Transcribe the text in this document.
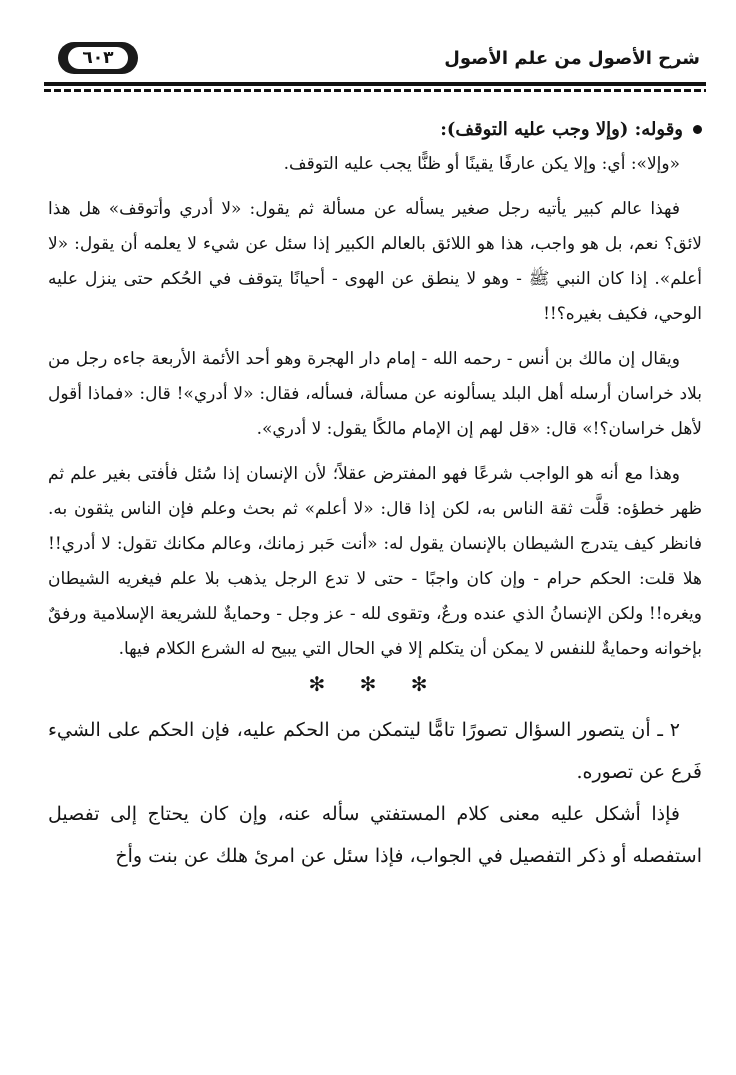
٦٠٣	شرح الأصول من علم الأصول
وقوله: (وإلا وجب عليه التوقف):

«وإلا»: أي: وإلا يكن عارفًا يقينًا أو ظنًّا يجب عليه التوقف.

فهذا عالم كبير يأتيه رجل صغير يسأله عن مسألة ثم يقول: «لا أدري وأتوقف» هل هذا لائق؟ نعم، بل هو واجب، هذا هو اللائق بالعالم الكبير إذا سئل عن شيء لا يعلمه أن يقول: «لا أعلم». إذا كان النبي ﷺ - وهو لا ينطق عن الهوى - أحيانًا يتوقف في الحُكم حتى ينزل عليه الوحي، فكيف بغيره؟!!

ويقال إن مالك بن أنس - رحمه الله - إمام دار الهجرة وهو أحد الأئمة الأربعة جاءه رجل من بلاد خراسان أرسله أهل البلد يسألونه عن مسألة، فسأله، فقال: «لا أدري»! قال: «فماذا أقول لأهل خراسان؟!» قال: «قل لهم إن الإمام مالكًا يقول: لا أدري».

وهذا مع أنه هو الواجب شرعًا فهو المفترض عقلاً؛ لأن الإنسان إذا سُئل فأفتى بغير علم ثم ظهر خطؤه: قلَّت ثقة الناس به، لكن إذا قال: «لا أعلم» ثم بحث وعلم فإن الناس يثقون به. فانظر كيف يتدرج الشيطان بالإنسان يقول له: «أنت حَبر زمانك، وعالم مكانك تقول: لا أدري!! هلا قلت: الحكم حرام - وإن كان واجبًا - حتى لا تدع الرجل يذهب بلا علم فيغريه الشيطان ويغره!! ولكن الإنسانُ الذي عنده ورعٌ، وتقوى لله - عز وجل - وحمايةٌ للشريعة الإسلامية ورفقٌ بإخوانه وحمايةٌ للنفس لا يمكن أن يتكلم إلا في الحال التي يبيح له الشرع الكلام فيها.

✻ ✻ ✻

٢ ـ أن يتصور السؤال تصورًا تامًّا ليتمكن من الحكم عليه، فإن الحكم على الشيء فَرع عن تصوره.

فإذا أشكل عليه معنى كلام المستفتي سأله عنه، وإن كان يحتاج إلى تفصيل استفصله أو ذكر التفصيل في الجواب، فإذا سئل عن امرئ هلك عن بنت وأخ
